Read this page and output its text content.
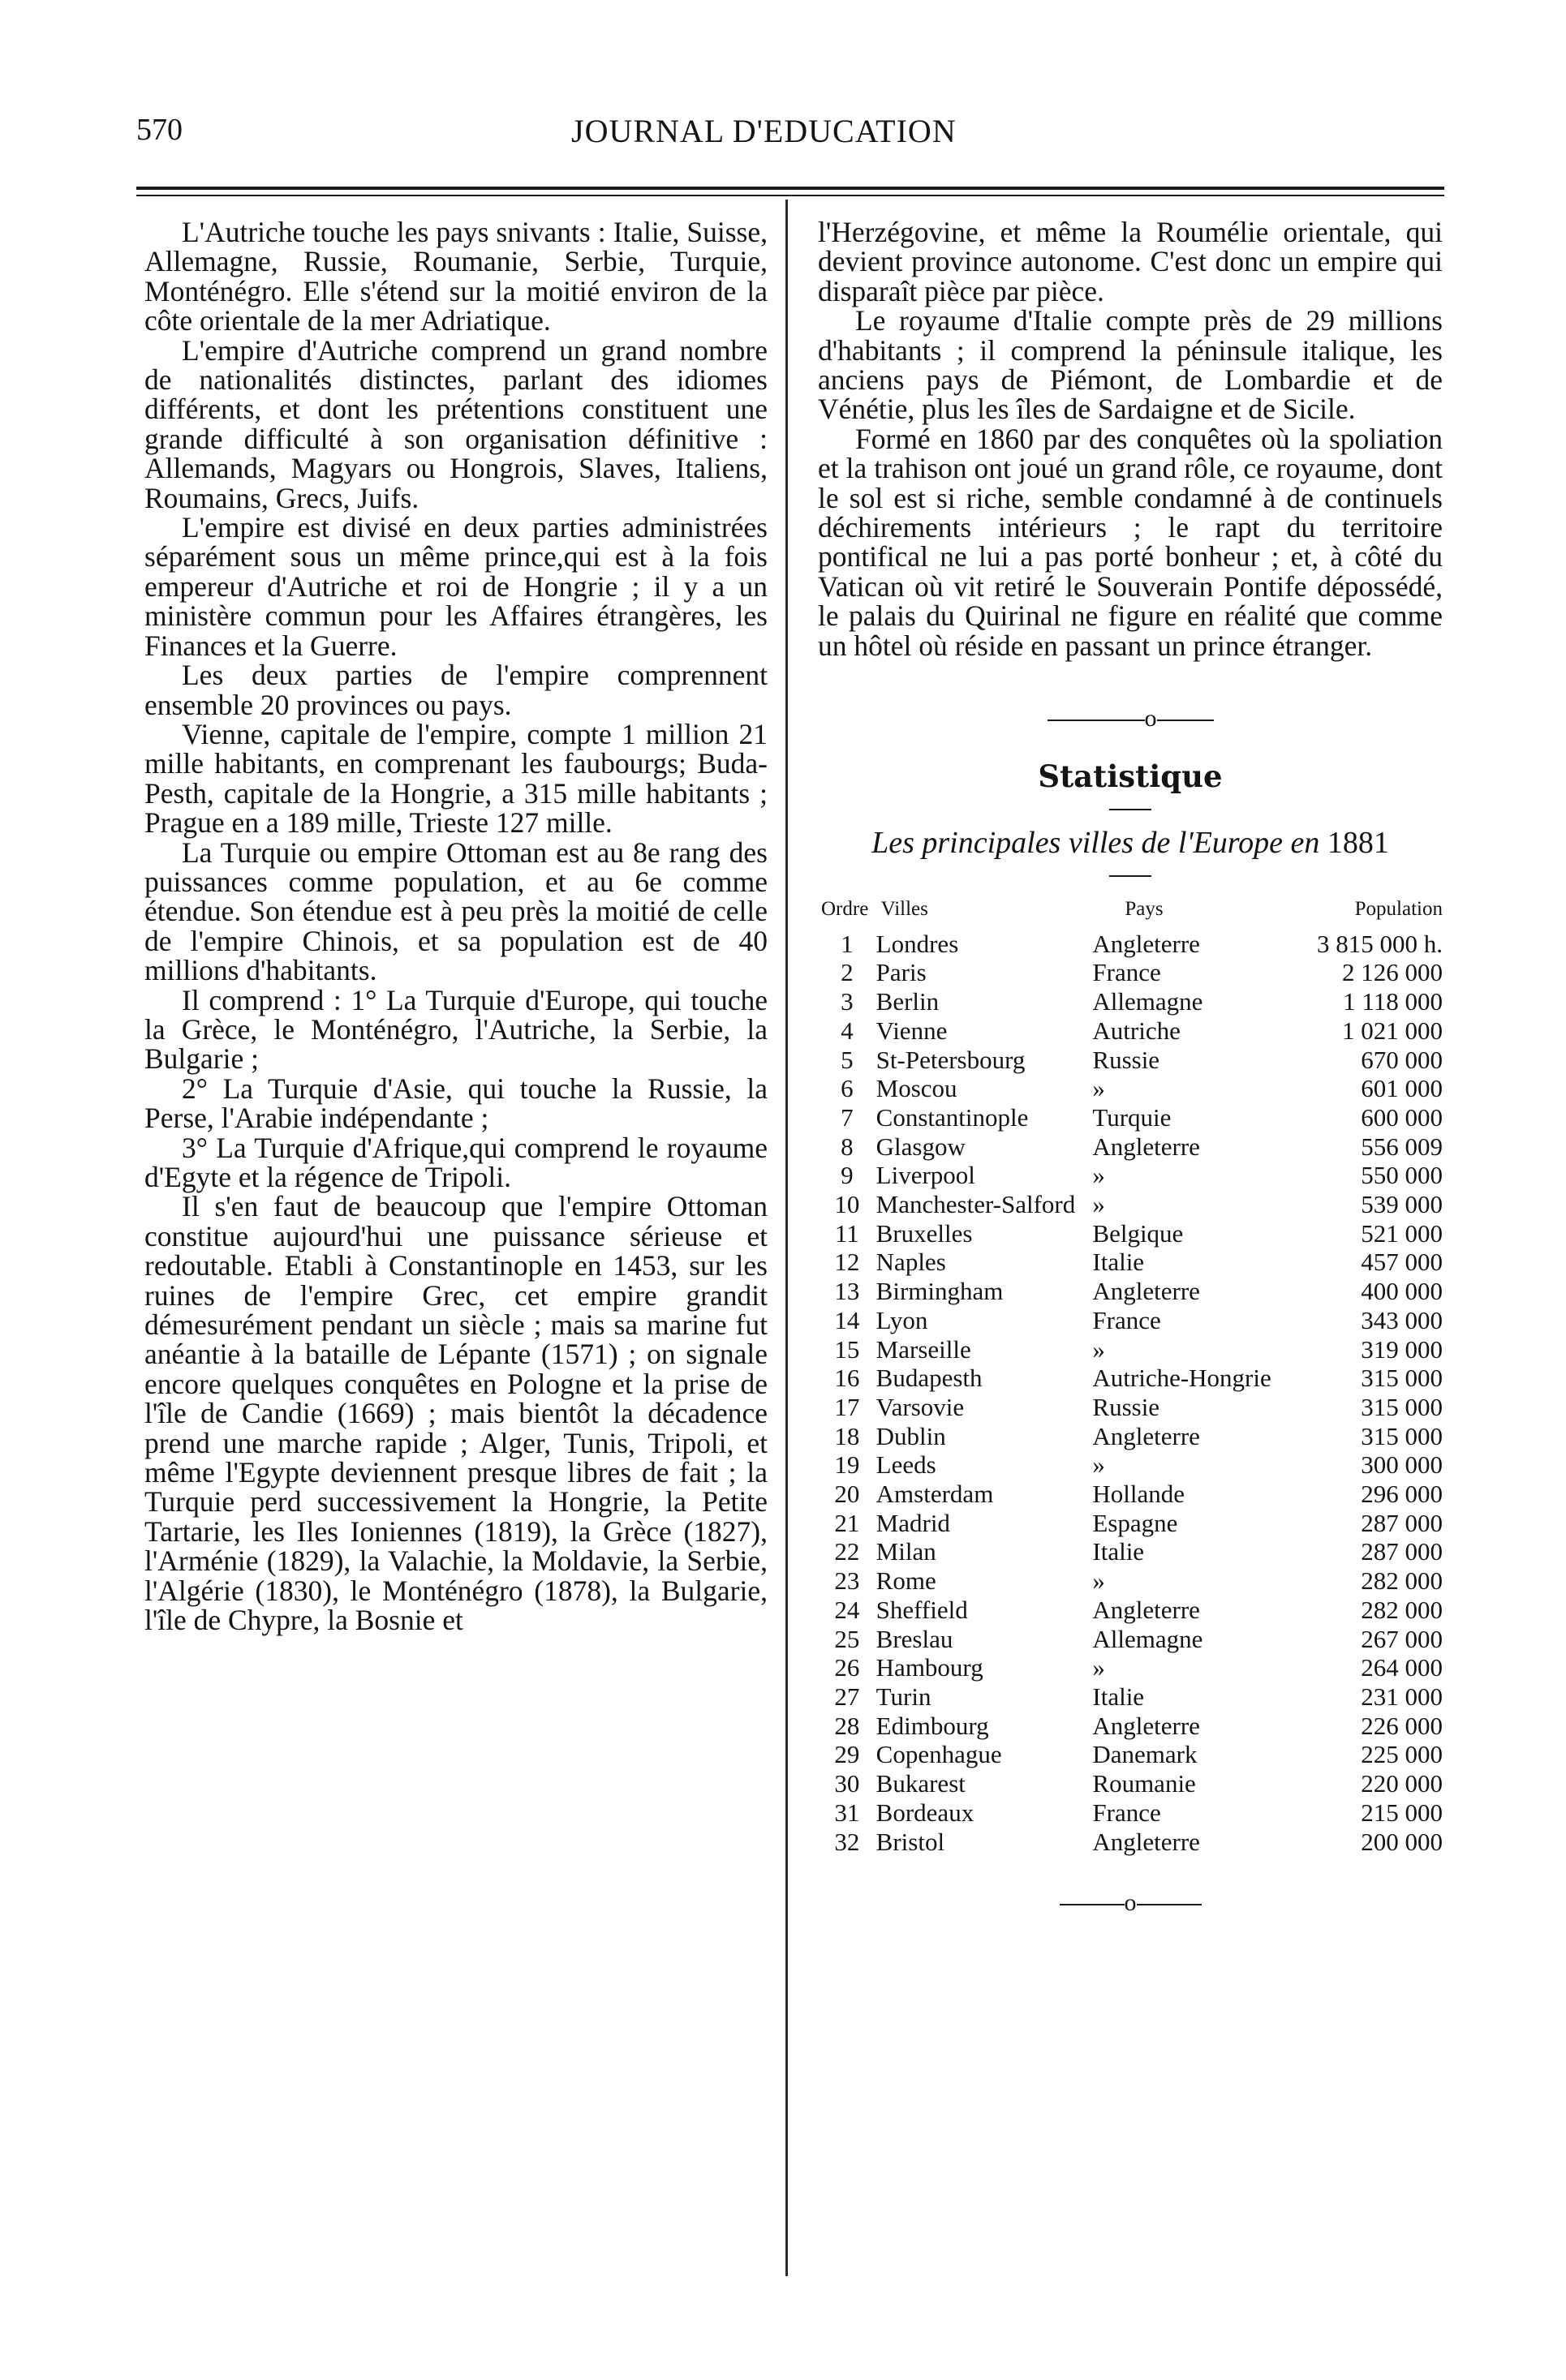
570	JOURNAL D'EDUCATION

L'Autriche touche les pays snivants : Italie, Suisse, Allemagne, Russie, Roumanie, Serbie, Turquie, Monténégro. Elle s'étend sur la moitié environ de la côte orientale de la mer Adriatique.

L'empire d'Autriche comprend un grand nombre de nationalités distinctes, parlant des idiomes différents, et dont les prétentions constituent une grande difficulté à son organisation définitive : Allemands, Magyars ou Hongrois, Slaves, Italiens, Roumains, Grecs, Juifs.

L'empire est divisé en deux parties administrées séparément sous un même prince,qui est à la fois empereur d'Autriche et roi de Hongrie ; il y a un ministère commun pour les Affaires étrangères, les Finances et la Guerre.

Les deux parties de l'empire comprennent ensemble 20 provinces ou pays.

Vienne, capitale de l'empire, compte 1 million 21 mille habitants, en comprenant les faubourgs; Buda-Pesth, capitale de la Hongrie, a 315 mille habitants ; Prague en a 189 mille, Trieste 127 mille.

La Turquie ou empire Ottoman est au 8e rang des puissances comme population, et au 6e comme étendue. Son étendue est à peu près la moitié de celle de l'empire Chinois, et sa population est de 40 millions d'habitants.

Il comprend : 1° La Turquie d'Europe, qui touche la Grèce, le Monténégro, l'Autriche, la Serbie, la Bulgarie ;

2° La Turquie d'Asie, qui touche la Russie, la Perse, l'Arabie indépendante ;

3° La Turquie d'Afrique,qui comprend le royaume d'Egyte et la régence de Tripoli.

Il s'en faut de beaucoup que l'empire Ottoman constitue aujourd'hui une puissance sérieuse et redoutable. Etabli à Constantinople en 1453, sur les ruines de l'empire Grec, cet empire grandit démesurément pendant un siècle ; mais sa marine fut anéantie à la bataille de Lépante (1571) ; on signale encore quelques conquêtes en Pologne et la prise de l'île de Candie (1669) ; mais bientôt la décadence prend une marche rapide ; Alger, Tunis, Tripoli, et même l'Egypte deviennent presque libres de fait ; la Turquie perd successivement la Hongrie, la Petite Tartarie, les Iles Ioniennes (1819), la Grèce (1827), l'Arménie (1829), la Valachie, la Moldavie, la Serbie, l'Algérie (1830), le Monténégro (1878), la Bulgarie, l'île de Chypre, la Bosnie et

l'Herzégovine, et même la Roumélie orientale, qui devient province autonome. C'est donc un empire qui disparaît pièce par pièce.

Le royaume d'Italie compte près de 29 millions d'habitants ; il comprend la péninsule italique, les anciens pays de Piémont, de Lombardie et de Vénétie, plus les îles de Sardaigne et de Sicile.

Formé en 1860 par des conquêtes où la spoliation et la trahison ont joué un grand rôle, ce royaume, dont le sol est si riche, semble condamné à de continuels déchirements intérieurs ; le rapt du territoire pontifical ne lui a pas porté bonheur ; et, à côté du Vatican où vit retiré le Souverain Pontife dépossédé, le palais du Quirinal ne figure en réalité que comme un hôtel où réside en passant un prince étranger.

o

Statistique

Les principales villes de l'Europe en 1881

Ordre	Villes	Pays	Population
1	Londres	Angleterre	3 815 000 h.
2	Paris	France	2 126 000
3	Berlin	Allemagne	1 118 000
4	Vienne	Autriche	1 021 000
5	St-Petersbourg	Russie	670 000
6	Moscou	»	601 000
7	Constantinople	Turquie	600 000
8	Glasgow	Angleterre	556 009
9	Liverpool	»	550 000
10	Manchester-Salford	»	539 000
11	Bruxelles	Belgique	521 000
12	Naples	Italie	457 000
13	Birmingham	Angleterre	400 000
14	Lyon	France	343 000
15	Marseille	»	319 000
16	Budapesth	Autriche-Hongrie	315 000
17	Varsovie	Russie	315 000
18	Dublin	Angleterre	315 000
19	Leeds	»	300 000
20	Amsterdam	Hollande	296 000
21	Madrid	Espagne	287 000
22	Milan	Italie	287 000
23	Rome	»	282 000
24	Sheffield	Angleterre	282 000
25	Breslau	Allemagne	267 000
26	Hambourg	»	264 000
27	Turin	Italie	231 000
28	Edimbourg	Angleterre	226 000
29	Copenhague	Danemark	225 000
30	Bukarest	Roumanie	220 000
31	Bordeaux	France	215 000
32	Bristol	Angleterre	200 000
o
